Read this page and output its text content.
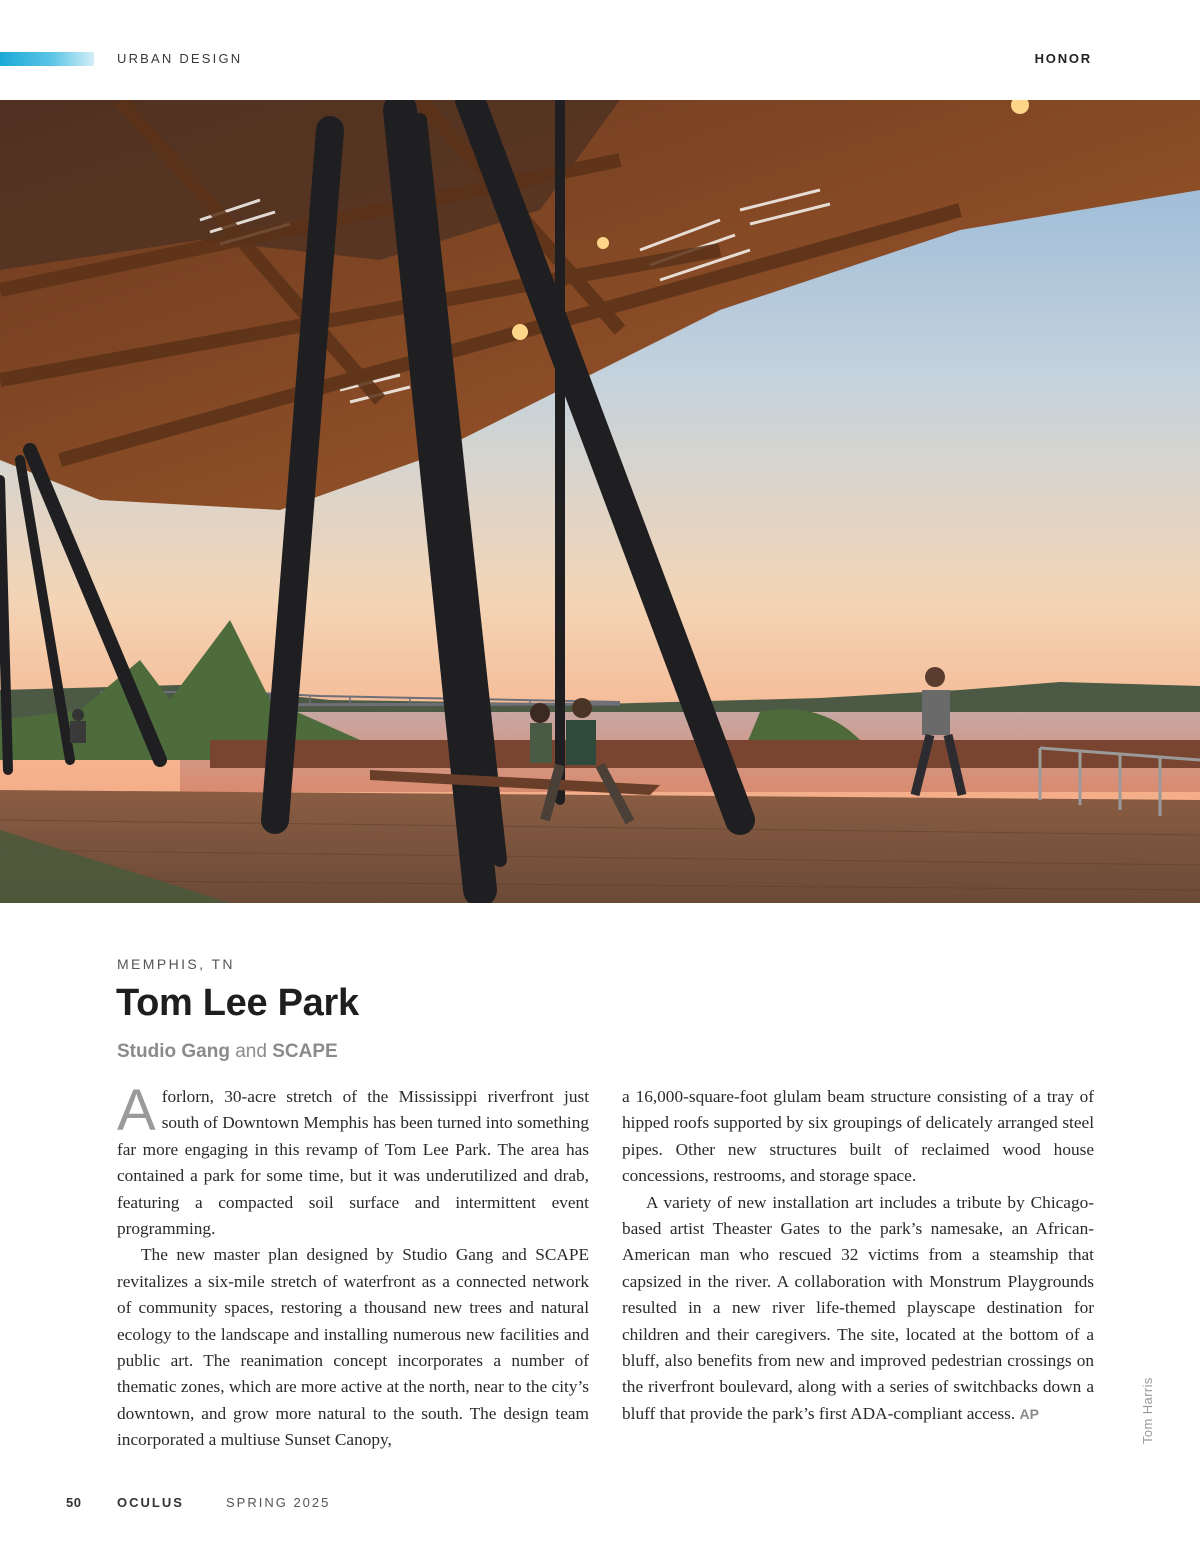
URBAN DESIGN	HONOR
MEMPHIS, TN
Tom Lee Park
Studio Gang and SCAPE

Aforlorn, 30-acre stretch of the Mississippi riverfront just south of Downtown Memphis has been turned into something far more engaging in this revamp of Tom Lee Park. The area has contained a park for some time, but it was underutilized and drab, featuring a compacted soil surface and intermittent event programming.

The new master plan designed by Studio Gang and SCAPE revitalizes a six-mile stretch of waterfront as a connected network of community spaces, restoring a thousand new trees and natural ecology to the landscape and installing numerous new facilities and public art. The reanimation concept incorporates a number of thematic zones, which are more active at the north, near to the city’s downtown, and grow more natural to the south. The design team incorporated a multiuse Sunset Canopy,

a 16,000-square-foot glulam beam structure consisting of a tray of hipped roofs supported by six groupings of delicately arranged steel pipes. Other new structures built of reclaimed wood house concessions, restrooms, and storage space.

A variety of new installation art includes a tribute by Chicago-based artist Theaster Gates to the park’s namesake, an African-American man who rescued 32 victims from a steamship that capsized in the river. A collaboration with Monstrum Playgrounds resulted in a new river life-themed playscape destination for children and their caregivers. The site, located at the bottom of a bluff, also benefits from new and improved pedestrian crossings on the riverfront boulevard, along with a series of switchbacks down a bluff that provide the park’s first ADA-compliant access. AP	Tom Harris
50	OCULUS	SPRING 2025
